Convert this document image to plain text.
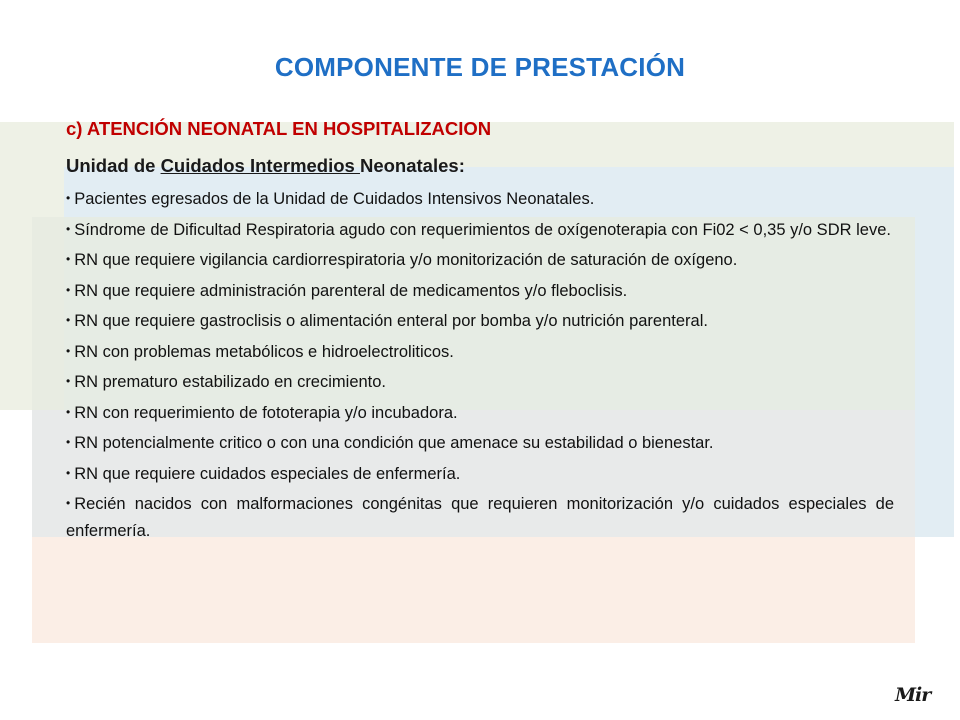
COMPONENTE DE PRESTACIÓN
c) ATENCIÓN NEONATAL EN HOSPITALIZACION
Unidad de Cuidados Intermedios Neonatales:
• Pacientes egresados de la Unidad de Cuidados Intensivos Neonatales.
• Síndrome de Dificultad Respiratoria agudo con requerimientos de oxígenoterapia con Fi02 < 0,35 y/o SDR leve.
• RN que requiere vigilancia cardiorrespiratoria y/o monitorización de saturación de oxígeno.
• RN que requiere administración parenteral de medicamentos y/o fleboclisis.
• RN que requiere gastroclisis o alimentación enteral por bomba y/o nutrición parenteral.
• RN con problemas metabólicos e hidroelectroliticos.
• RN prematuro estabilizado en crecimiento.
• RN con requerimiento de fototerapia y/o incubadora.
• RN potencialmente critico o con una condición que amenace su estabilidad o bienestar.
• RN que requiere cuidados especiales de enfermería.
• Recién nacidos con malformaciones congénitas que requieren monitorización y/o cuidados especiales de enfermería.
Mir
